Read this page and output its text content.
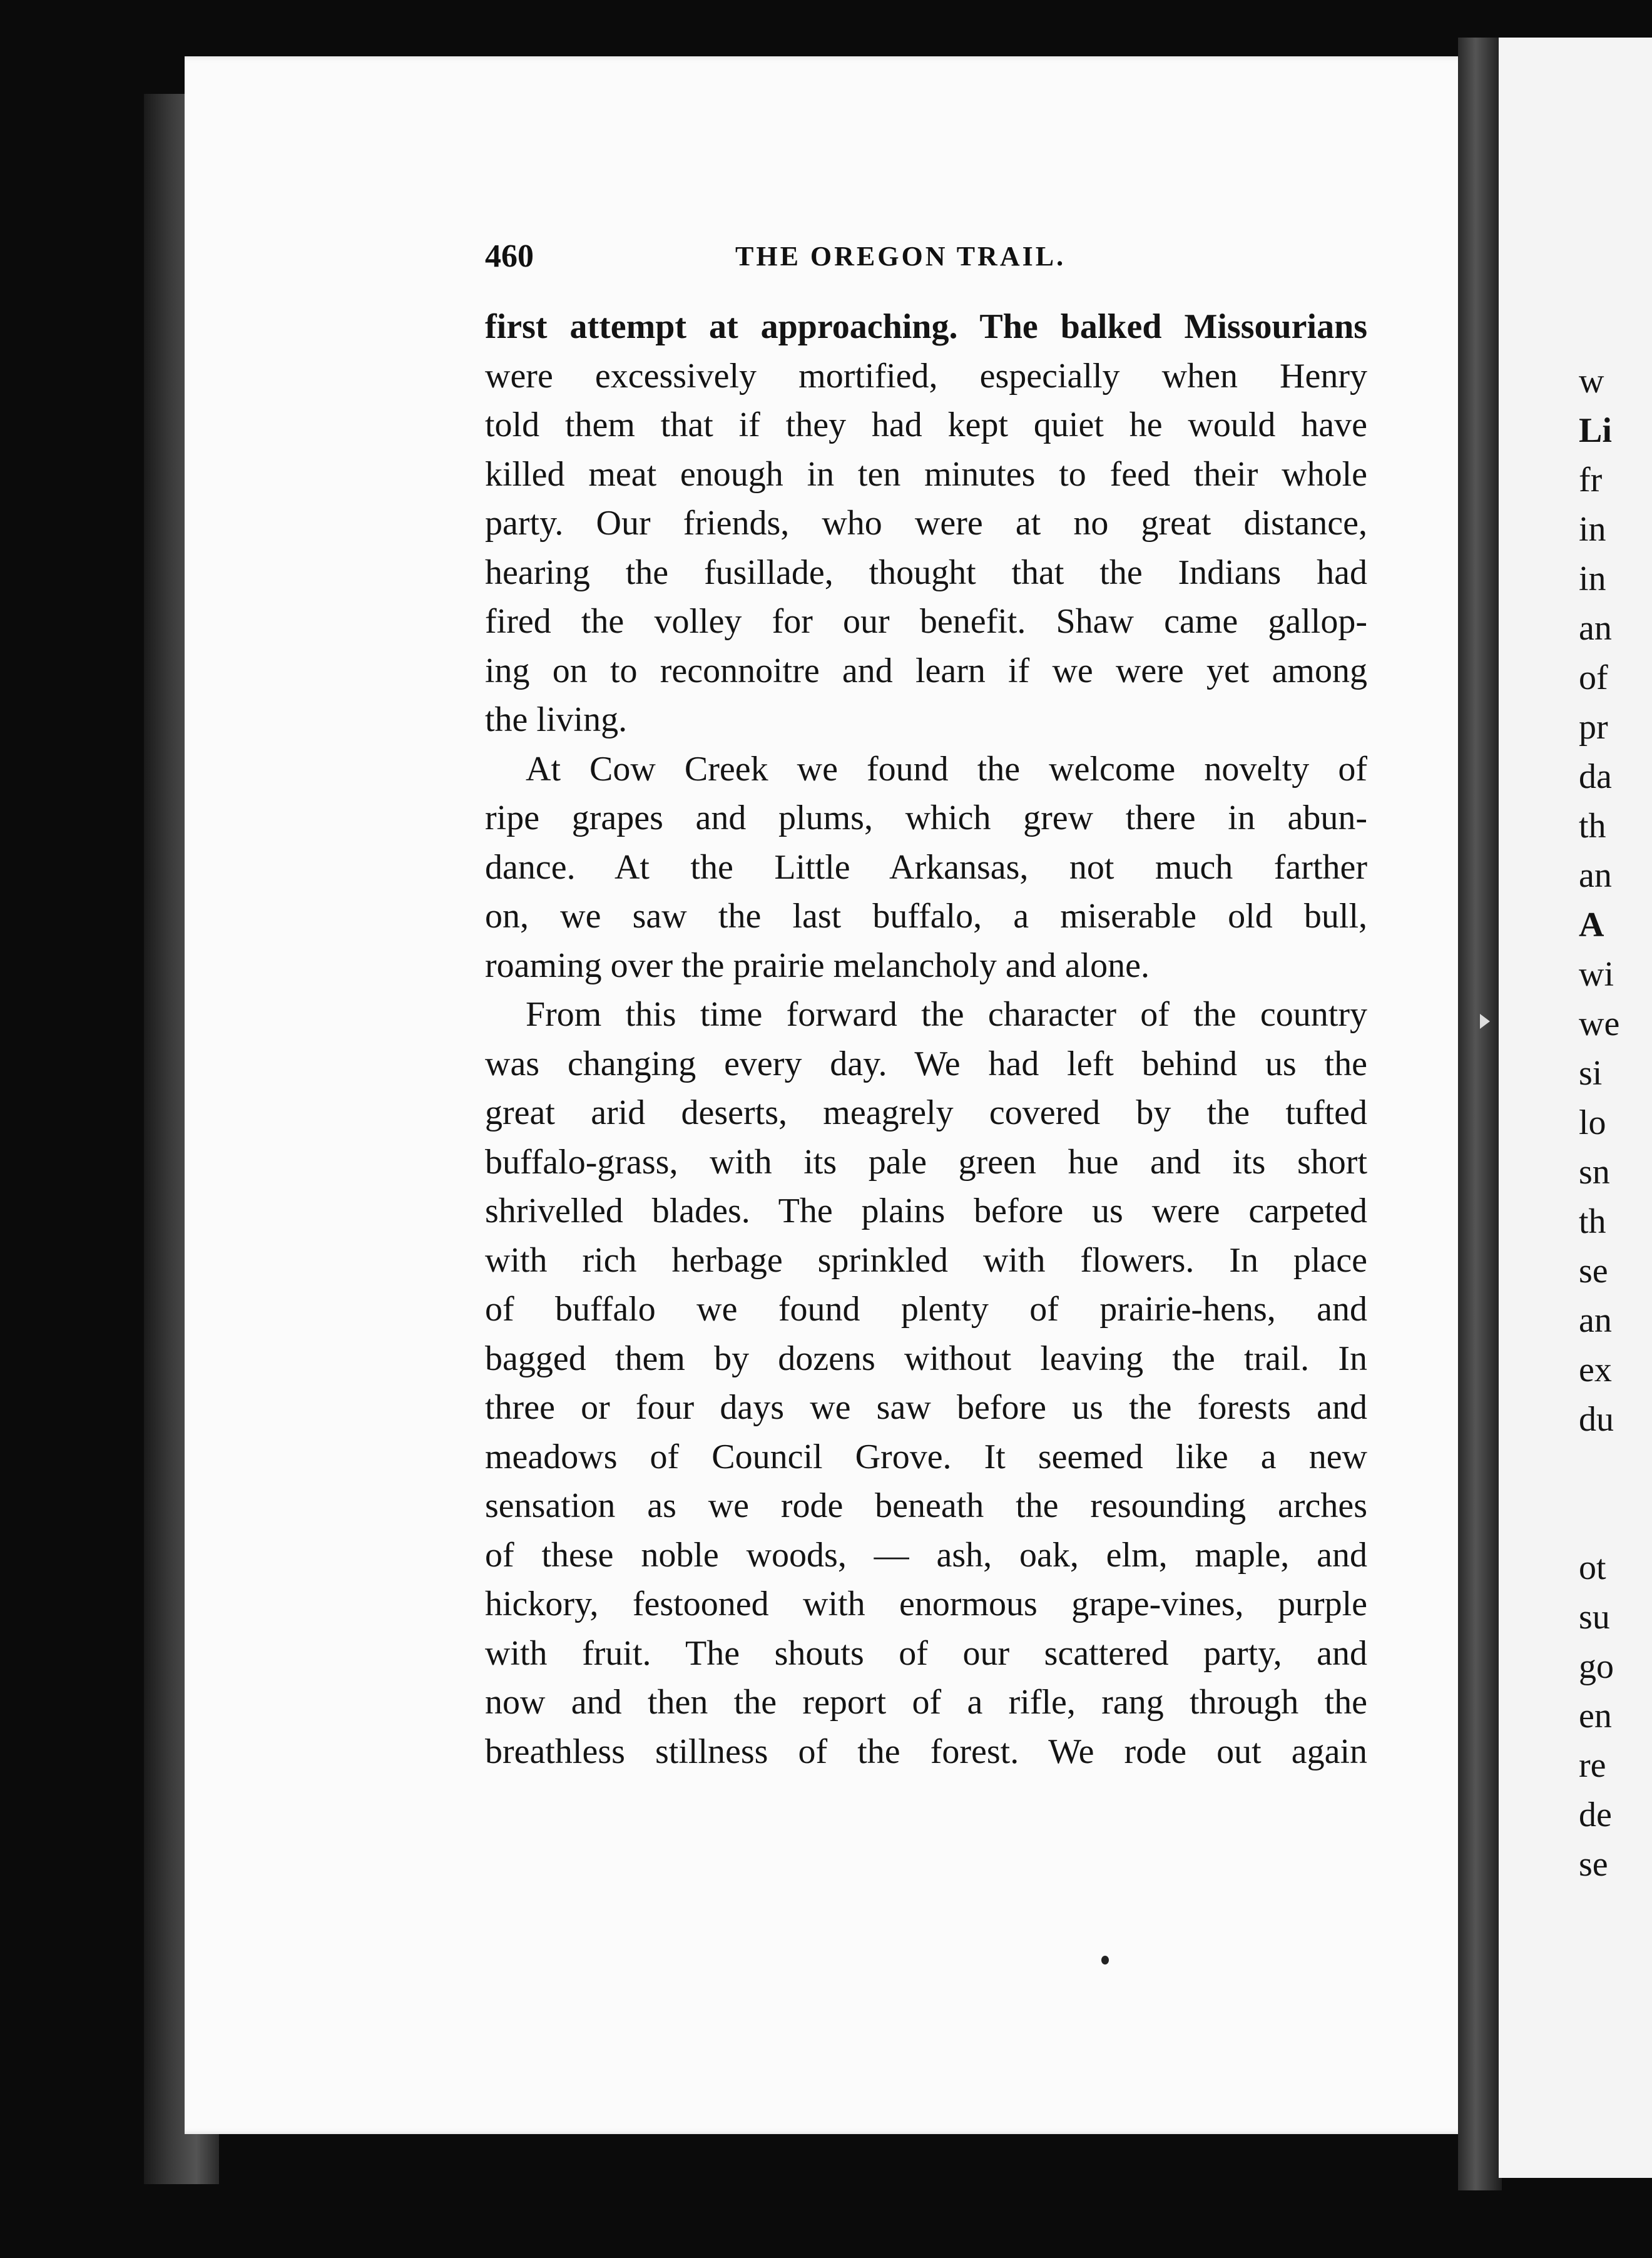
460	THE OREGON TRAIL.
first attempt at approaching. The balked Missourians
were excessively mortified, especially when Henry
told them that if they had kept quiet he would have
killed meat enough in ten minutes to feed their whole
party. Our friends, who were at no great distance,
hearing the fusillade, thought that the Indians had
fired the volley for our benefit. Shaw came gallop-
ing on to reconnoitre and learn if we were yet among
the living.
At Cow Creek we found the welcome novelty of
ripe grapes and plums, which grew there in abun-
dance. At the Little Arkansas, not much farther
on, we saw the last buffalo, a miserable old bull,
roaming over the prairie melancholy and alone.
From this time forward the character of the country
was changing every day. We had left behind us the
great arid deserts, meagrely covered by the tufted
buffalo-grass, with its pale green hue and its short
shrivelled blades. The plains before us were carpeted
with rich herbage sprinkled with flowers. In place
of buffalo we found plenty of prairie-hens, and
bagged them by dozens without leaving the trail. In
three or four days we saw before us the forests and
meadows of Council Grove. It seemed like a new
sensation as we rode beneath the resounding arches
of these noble woods, — ash, oak, elm, maple, and
hickory, festooned with enormous grape-vines, purple
with fruit. The shouts of our scattered party, and
now and then the report of a rifle, rang through the
breathless stillness of the forest. We rode out again
w
Li
fr
in
in
an
of
pr
da
th
an
A
wi
we
si
lo
sn
th
se
an
ex
du
ot
su
go
en
re
de
se
